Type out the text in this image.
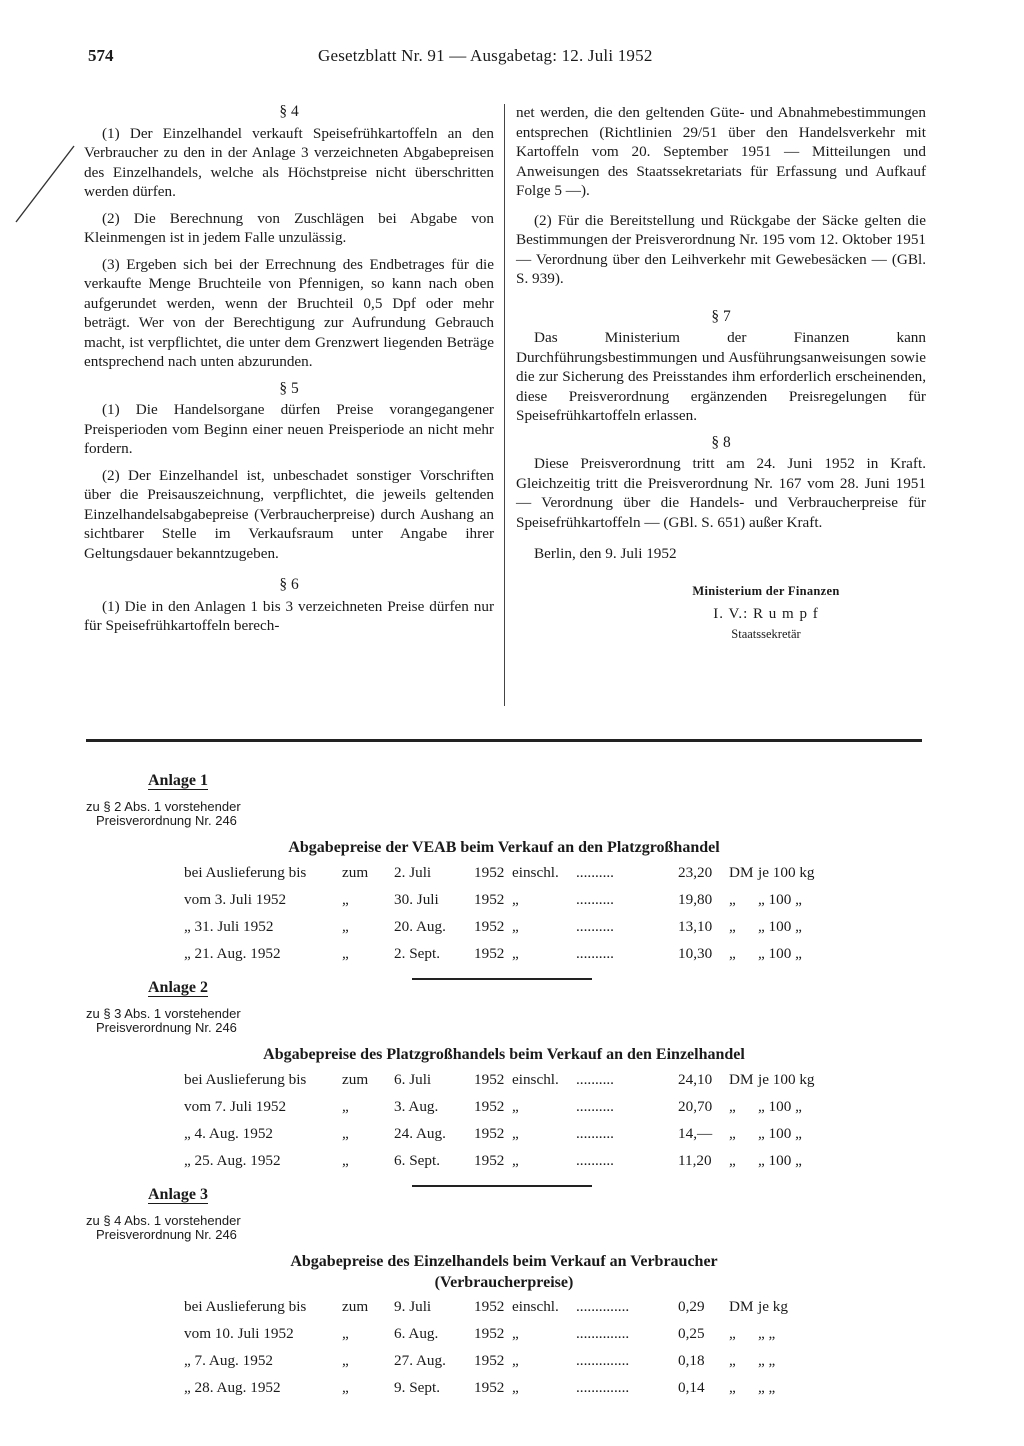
574	Gesetzblatt Nr. 91 — Ausgabetag: 12. Juli 1952
§ 4

(1) Der Einzelhandel verkauft Speisefrühkartoffeln an den Verbraucher zu den in der Anlage 3 verzeichneten Abgabepreisen des Einzelhandels, welche als Höchstpreise nicht überschritten werden dürfen.

(2) Die Berechnung von Zuschlägen bei Abgabe von Kleinmengen ist in jedem Falle unzulässig.

(3) Ergeben sich bei der Errechnung des Endbetrages für die verkaufte Menge Bruchteile von Pfennigen, so kann nach oben aufgerundet werden, wenn der Bruchteil 0,5 Dpf oder mehr beträgt. Wer von der Berechtigung zur Aufrundung Gebrauch macht, ist verpflichtet, die unter dem Grenzwert liegenden Beträge entsprechend nach unten abzurunden.

§ 5

(1) Die Handelsorgane dürfen Preise vorangegangener Preisperioden vom Beginn einer neuen Preisperiode an nicht mehr fordern.

(2) Der Einzelhandel ist, unbeschadet sonstiger Vorschriften über die Preisauszeichnung, verpflichtet, die jeweils geltenden Einzelhandelsabgabepreise (Verbraucherpreise) durch Aushang an sichtbarer Stelle im Verkaufsraum unter Angabe ihrer Geltungsdauer bekanntzugeben.

§ 6

(1) Die in den Anlagen 1 bis 3 verzeichneten Preise dürfen nur für Speisefrühkartoffeln berech-

net werden, die den geltenden Güte- und Abnahmebestimmungen entsprechen (Richtlinien 29/51 über den Handelsverkehr mit Kartoffeln vom 20. September 1951 — Mitteilungen und Anweisungen des Staatssekretariats für Erfassung und Aufkauf Folge 5 —).

(2) Für die Bereitstellung und Rückgabe der Säcke gelten die Bestimmungen der Preisverordnung Nr. 195 vom 12. Oktober 1951 — Verordnung über den Leihverkehr mit Gewebesäcken — (GBl. S. 939).

§ 7

Das Ministerium der Finanzen kann Durchführungsbestimmungen und Ausführungsanweisungen sowie die zur Sicherung des Preisstandes ihm erforderlich erscheinenden, diese Preisverordnung ergänzenden Preisregelungen für Speisefrühkartoffeln erlassen.

§ 8

Diese Preisverordnung tritt am 24. Juni 1952 in Kraft. Gleichzeitig tritt die Preisverordnung Nr. 167 vom 28. Juni 1951 — Verordnung über die Handels- und Verbraucherpreise für Speisefrühkartoffeln — (GBl. S. 651) außer Kraft.

Berlin, den 9. Juli 1952

Ministerium der Finanzen
I. V.: R u m p f
Staatssekretär
Anlage 1
zu § 2 Abs. 1 vorstehender
Preisverordnung Nr. 246
Abgabepreise der VEAB beim Verkauf an den Platzgroßhandel
bei Auslieferung bis zum 2. Juli	1952 einschl. ..........	23,20 DM je 100 kg
vom 3. Juli 1952	„	30. Juli 1952 „	..........	19,80 „ „ 100 „
„ 31. Juli 1952	„	20. Aug. 1952 „	..........	13,10 „ „ 100 „
„ 21. Aug. 1952	„	2. Sept. 1952 „	..........	10,30 „ „ 100 „
Anlage 2
zu § 3 Abs. 1 vorstehender
Preisverordnung Nr. 246
Abgabepreise des Platzgroßhandels beim Verkauf an den Einzelhandel
bei Auslieferung bis zum 6. Juli	1952 einschl. ..........	24,10 DM je 100 kg
vom 7. Juli 1952	„	3. Aug. 1952 „	..........	20,70 „ „ 100 „
„ 4. Aug. 1952	„	24. Aug. 1952 „	..........	14,— „ „ 100 „
„ 25. Aug. 1952	„	6. Sept. 1952 „	..........	11,20 „ „ 100 „
Anlage 3
zu § 4 Abs. 1 vorstehender
Preisverordnung Nr. 246
Abgabepreise des Einzelhandels beim Verkauf an Verbraucher
(Verbraucherpreise)
bei Auslieferung bis zum 9. Juli	1952 einschl. ..............	0,29 DM je kg
vom 10. Juli 1952	„	6. Aug. 1952 „	..............	0,25 „ „ „
„ 7. Aug. 1952	„	27. Aug. 1952 „	..............	0,18 „ „ „
„ 28. Aug. 1952	„	9. Sept. 1952 „	..............	0,14 „ „ „
